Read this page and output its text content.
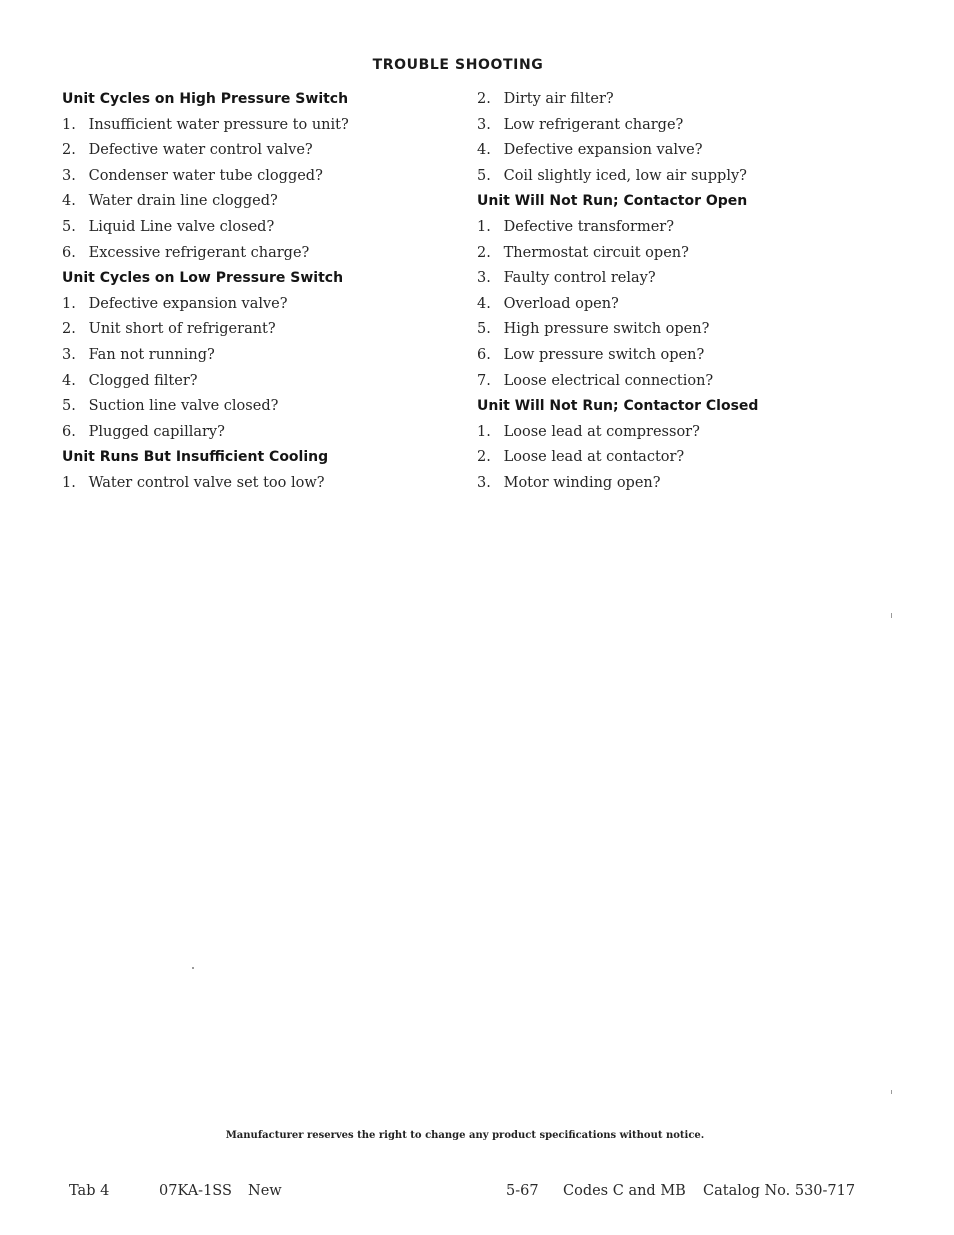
TROUBLE SHOOTING
Unit Cycles on High Pressure Switch
1. Insufficient water pressure to unit?
2. Defective water control valve?
3. Condenser water tube clogged?
4. Water drain line clogged?
5. Liquid Line valve closed?
6. Excessive refrigerant charge?
Unit Cycles on Low Pressure Switch
1. Defective expansion valve?
2. Unit short of refrigerant?
3. Fan not running?
4. Clogged filter?
5. Suction line valve closed?
6. Plugged capillary?
Unit Runs But Insufficient Cooling
1. Water control valve set too low?
2. Dirty air filter?
3. Low refrigerant charge?
4. Defective expansion valve?
5. Coil slightly iced, low air supply?
Unit Will Not Run; Contactor Open
1. Defective transformer?
2. Thermostat circuit open?
3. Faulty control relay?
4. Overload open?
5. High pressure switch open?
6. Low pressure switch open?
7. Loose electrical connection?
Unit Will Not Run; Contactor Closed
1. Loose lead at compressor?
2. Loose lead at contactor?
3. Motor winding open?
Manufacturer reserves the right to change any product specifications without notice.
Tab 4	07KA-1SS New	5-67 Codes C and MB Catalog No. 530-717
